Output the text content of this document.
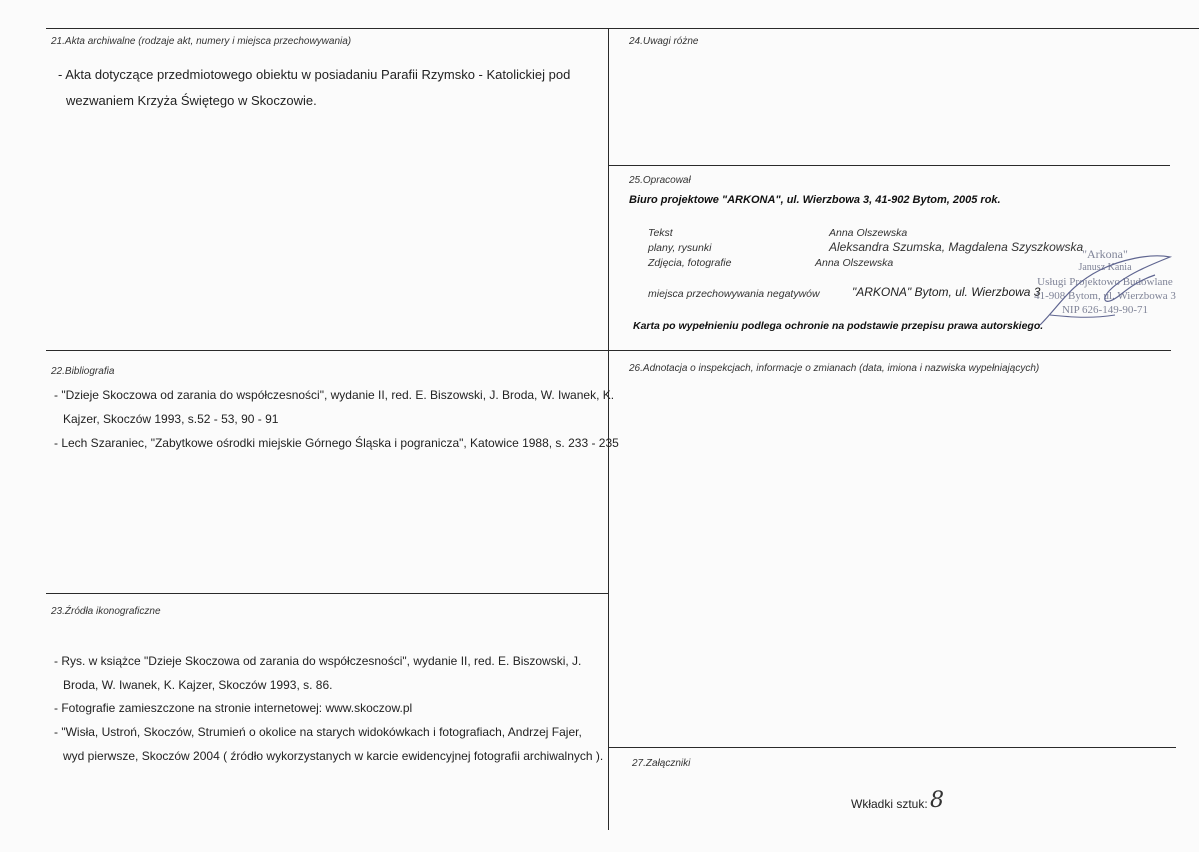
21.Akta archiwalne (rodzaje akt, numery i miejsca przechowywania)
- Akta dotyczące przedmiotowego obiektu w posiadaniu Parafii Rzymsko - Katolickiej pod
wezwaniem Krzyża Świętego w Skoczowie.
24.Uwagi różne
25.Opracował
Biuro projektowe "ARKONA", ul. Wierzbowa 3, 41-902 Bytom, 2005 rok.
Tekst	Anna Olszewska
plany, rysunki	Aleksandra Szumska, Magdalena Szyszkowska
Zdjęcia, fotografie	Anna Olszewska
miejsca przechowywania negatywów	"ARKONA" Bytom, ul. Wierzbowa 3
Karta po wypełnieniu podlega ochronie na podstawie przepisu prawa autorskiego.
"Arkona"
Janusz Kania
Usługi Projektowo Budowlane
41-908 Bytom, ul. Wierzbowa 3
NIP 626-149-90-71
22.Bibliografia
- "Dzieje Skoczowa od zarania do współczesności", wydanie II, red. E. Biszowski, J. Broda, W. Iwanek, K.
Kajzer, Skoczów 1993, s.52 - 53, 90 - 91
- Lech Szaraniec, "Zabytkowe ośrodki miejskie Górnego Śląska i pogranicza", Katowice 1988, s. 233 - 235
26.Adnotacja o inspekcjach, informacje o zmianach (data, imiona i nazwiska wypełniających)
23.Źródła ikonograficzne
- Rys. w książce "Dzieje Skoczowa od zarania do współczesności", wydanie II, red. E. Biszowski, J.
Broda, W. Iwanek, K. Kajzer, Skoczów 1993, s. 86.
- Fotografie zamieszczone na stronie internetowej: www.skoczow.pl
- "Wisła, Ustroń, Skoczów, Strumień o okolice na starych widokówkach i fotografiach, Andrzej Fajer,
wyd pierwsze, Skoczów 2004 ( źródło wykorzystanych w karcie ewidencyjnej fotografii archiwalnych ).
27.Załączniki
Wkładki sztuk: 8
